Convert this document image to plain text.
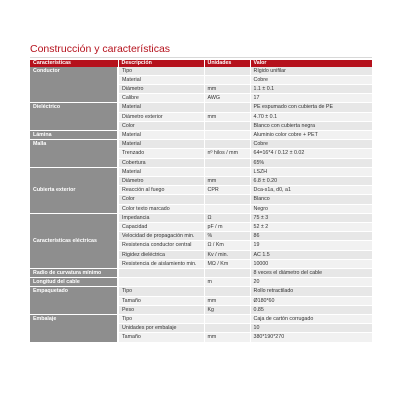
Construcción y características
Características	Descripción	Unidades	Valor
Conductor	Tipo		Rígido unifilar
	Material		Cobre
	Diámetro	mm	1.1 ± 0.1
	Calibre	AWG	17
Dieléctrico	Material		PE espumado con cubierta de PE
	Diámetro exterior	mm	4.70 ± 0.1
	Color		Blanco con cubierta negra
Lámina	Material		Aluminio color cobre + PET
Malla	Material		Cobre
	Trenzado	nº hilos / mm	64=16*4 / 0.12 ± 0.02
	Cobertura		65%
Cubierta exterior	Material		LSZH
	Diámetro	mm	6.8 ± 0.20
	Reacción al fuego	CPR	Dca-s1a, d0, a1
	Color		Blanco
	Color texto marcado		Negro
Características eléctricas	Impedancia	Ω	75 ± 3
	Capacidad	pF / m	52 ± 2
	Velocidad de propagación min.	%	86
	Resistencia conductor central	Ω / Km	19
	Rigidez dieléctrica	Kv / min.	AC 1.5
	Resistencia de aislamiento min.	MΩ / Km	10000
Radio de curvatura mínimo			8 veces el diámetro del cable
Longitud del cable		m	20
Empaquetado	Tipo		Rollo retractilado
	Tamaño	mm	Ø180*60
	Peso	Kg	0.85
Embalaje	Tipo		Caja de cartón corrugado
	Unidades por embalaje		10
	Tamaño	mm	380*190*270
